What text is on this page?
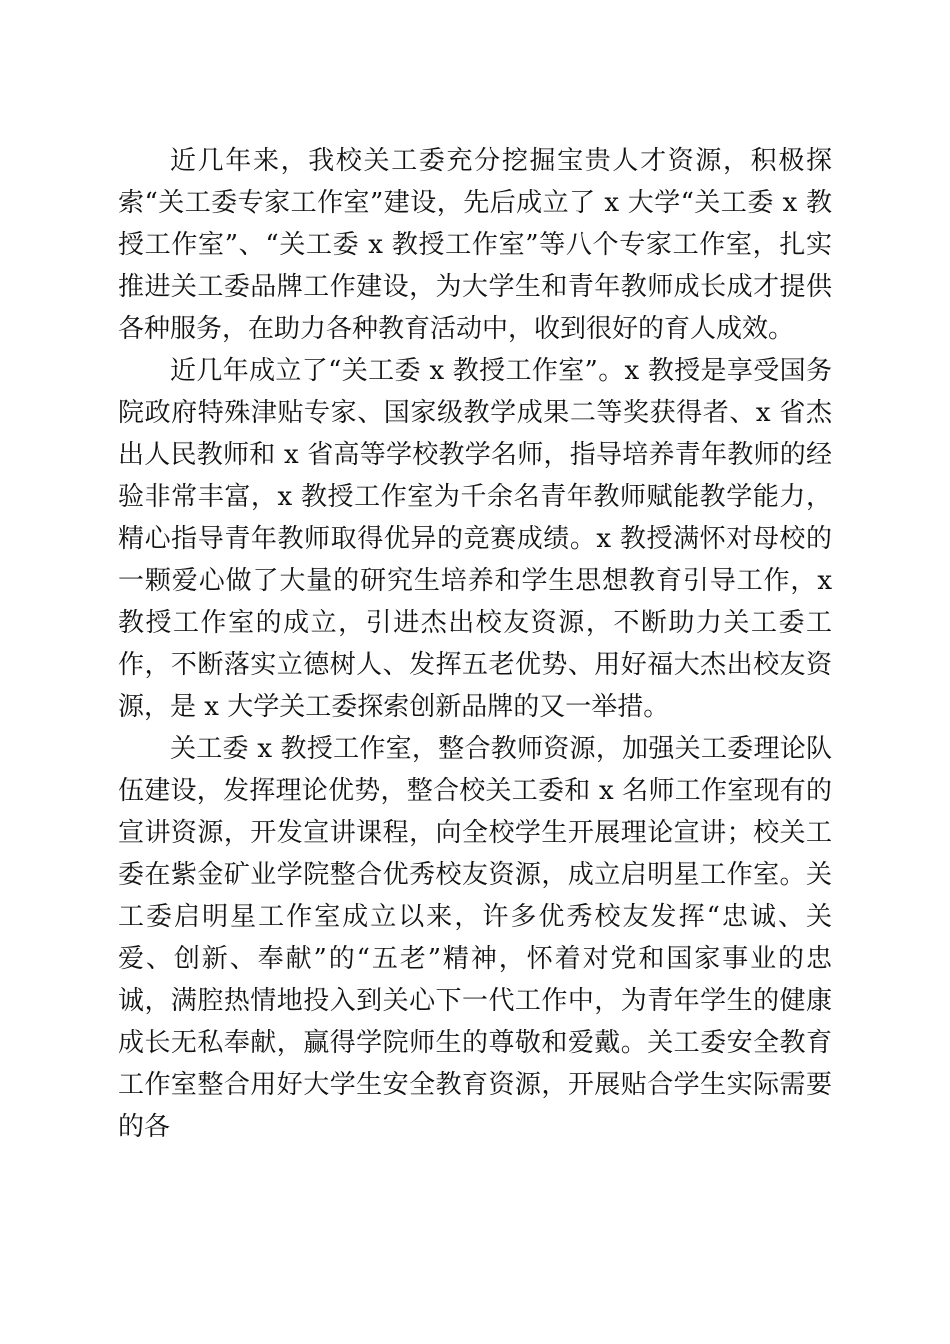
近几年来，我校关工委充分挖掘宝贵人才资源，积极探索“关工委专家工作室”建设，先后成立了 x 大学“关工委 x 教授工作室”、“关工委 x 教授工作室”等八个专家工作室，扎实推进关工委品牌工作建设，为大学生和青年教师成长成才提供各种服务，在助力各种教育活动中，收到很好的育人成效。

近几年成立了“关工委 x 教授工作室”。x 教授是享受国务院政府特殊津贴专家、国家级教学成果二等奖获得者、x 省杰出人民教师和 x 省高等学校教学名师，指导培养青年教师的经验非常丰富，x 教授工作室为千余名青年教师赋能教学能力，精心指导青年教师取得优异的竞赛成绩。x 教授满怀对母校的一颗爱心做了大量的研究生培养和学生思想教育引导工作，x 教授工作室的成立，引进杰出校友资源，不断助力关工委工作，不断落实立德树人、发挥五老优势、用好福大杰出校友资源，是 x 大学关工委探索创新品牌的又一举措。

关工委 x 教授工作室，整合教师资源，加强关工委理论队伍建设，发挥理论优势，整合校关工委和 x 名师工作室现有的宣讲资源，开发宣讲课程，向全校学生开展理论宣讲；校关工委在紫金矿业学院整合优秀校友资源，成立启明星工作室。关工委启明星工作室成立以来，许多优秀校友发挥“忠诚、关爱、创新、奉献”的“五老”精神，怀着对党和国家事业的忠诚，满腔热情地投入到关心下一代工作中，为青年学生的健康成长无私奉献，赢得学院师生的尊敬和爱戴。关工委安全教育工作室整合用好大学生安全教育资源，开展贴合学生实际需要的各
